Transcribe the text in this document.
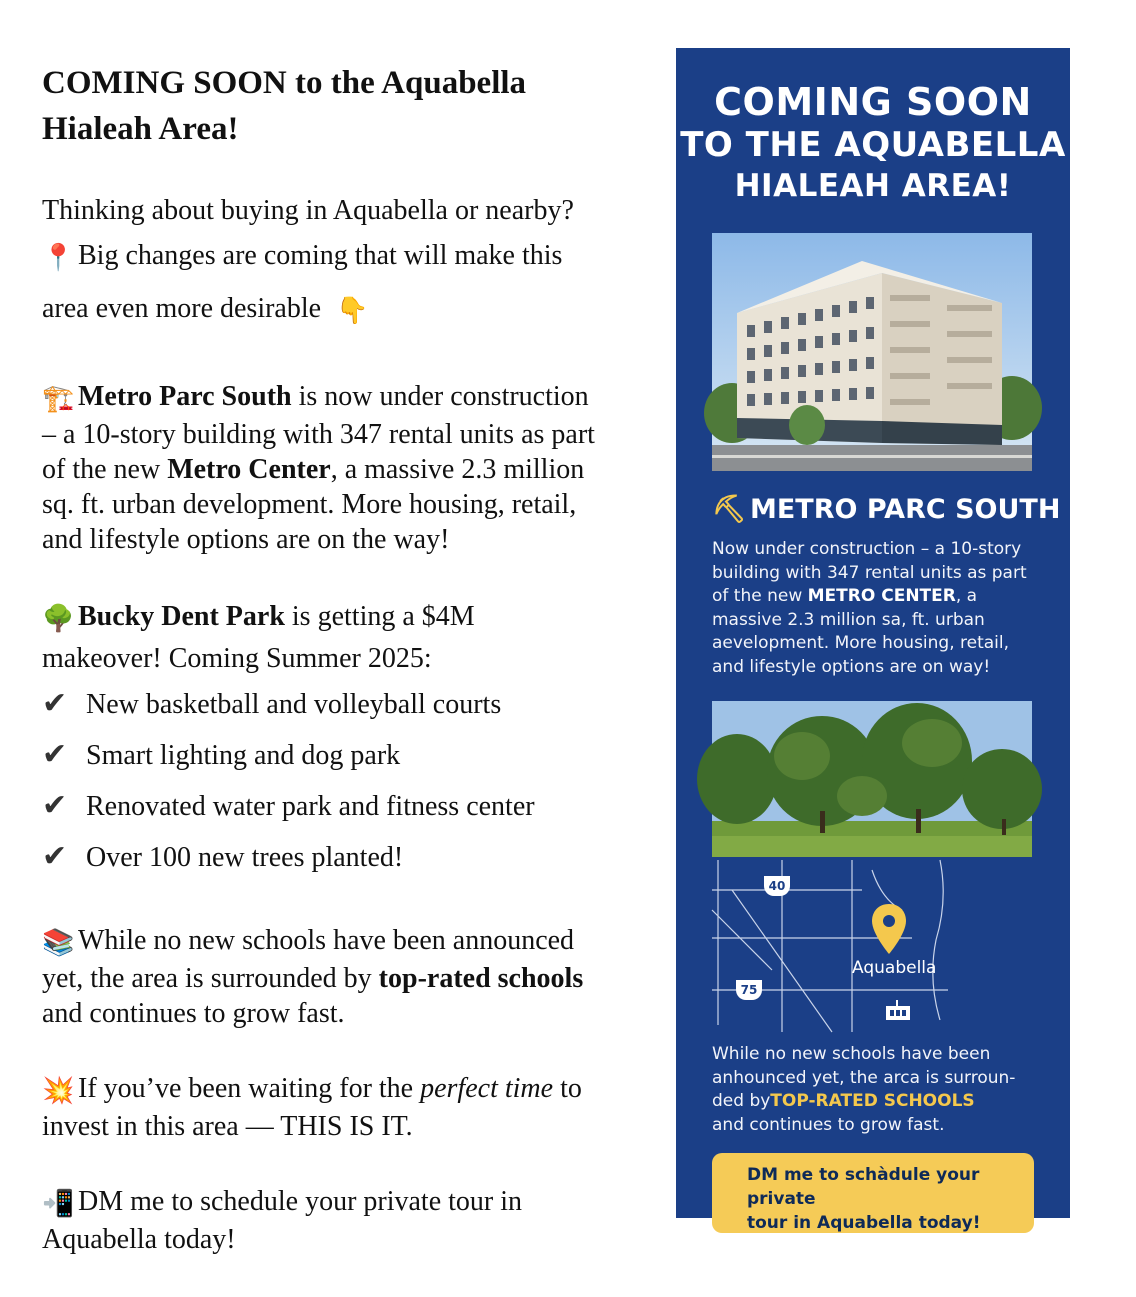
COMING SOON to the Aquabella
Hialeah Area!
Thinking about buying in Aquabella or nearby?
📍 Big changes are coming that will make this
area even more desirable 👇
🏗️ Metro Parc South is now under construction
– a 10-story building with 347 rental units as part
of the new Metro Center, a massive 2.3 million
sq. ft. urban development. More housing, retail,
and lifestyle options are on the way!
🌳 Bucky Dent Park is getting a $4M
makeover! Coming Summer 2025:
✔ New basketball and volleyball courts
✔ Smart lighting and dog park
✔ Renovated water park and fitness center
✔ Over 100 new trees planted!
📚 While no new schools have been announced
yet, the area is surrounded by top-rated schools
and continues to grow fast.
💥 If you’ve been waiting for the perfect time to
invest in this area — THIS IS IT.
📲 DM me to schedule your private tour in
Aquabella today!
COMING SOON
TO THE AQUABELLA
HIALEAH AREA!
⛏ METRO PARC SOUTH
Now under construction – a 10-story
building with 347 rental units as part
of the new METRO CENTER, a
massive 2.3 million sa, ft. urban
aevelopment. More housing, retail,
and lifestyle options are on way!
40
75
Aquabella
While no new schools have been
anhounced yet, the arca is surroun-
ded byTOP-RATED SCHOOLS
and continues to grow fast.
DM me to schàdule your private
tour in Aquabella today!
